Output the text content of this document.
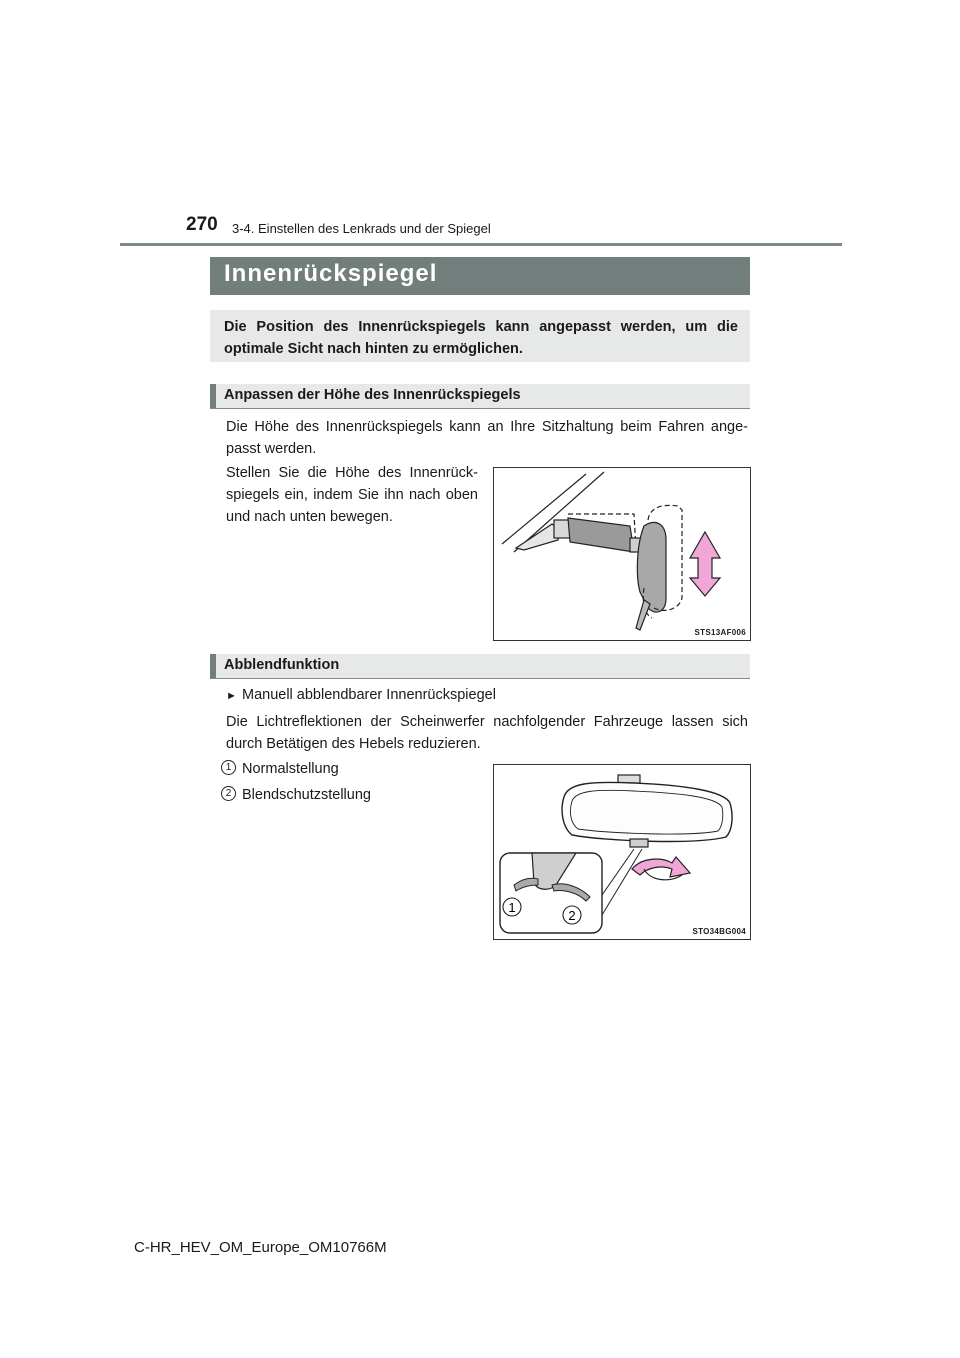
270 3-4. Einstellen des Lenkrads und der Spiegel
Innenrückspiegel

Die Position des Innenrückspiegels kann angepasst werden, um die optimale Sicht nach hinten zu ermöglichen.

Anpassen der Höhe des Innenrückspiegels

Die Höhe des Innenrückspiegels kann an Ihre Sitzhaltung beim Fahren ange-passt werden.

Stellen Sie die Höhe des Innenrück-spiegels ein, indem Sie ihn nach oben und nach unten bewegen.

STS13AF006
Abblendfunktion
► Manuell abblendbarer Innenrückspiegel

Die Lichtreflektionen der Scheinwerfer nachfolgender Fahrzeuge lassen sich durch Betätigen des Hebels reduzieren.

1 Normalstellung
2 Blendschutzstellung
1
2
STO34BG004
C-HR_HEV_OM_Europe_OM10766M
